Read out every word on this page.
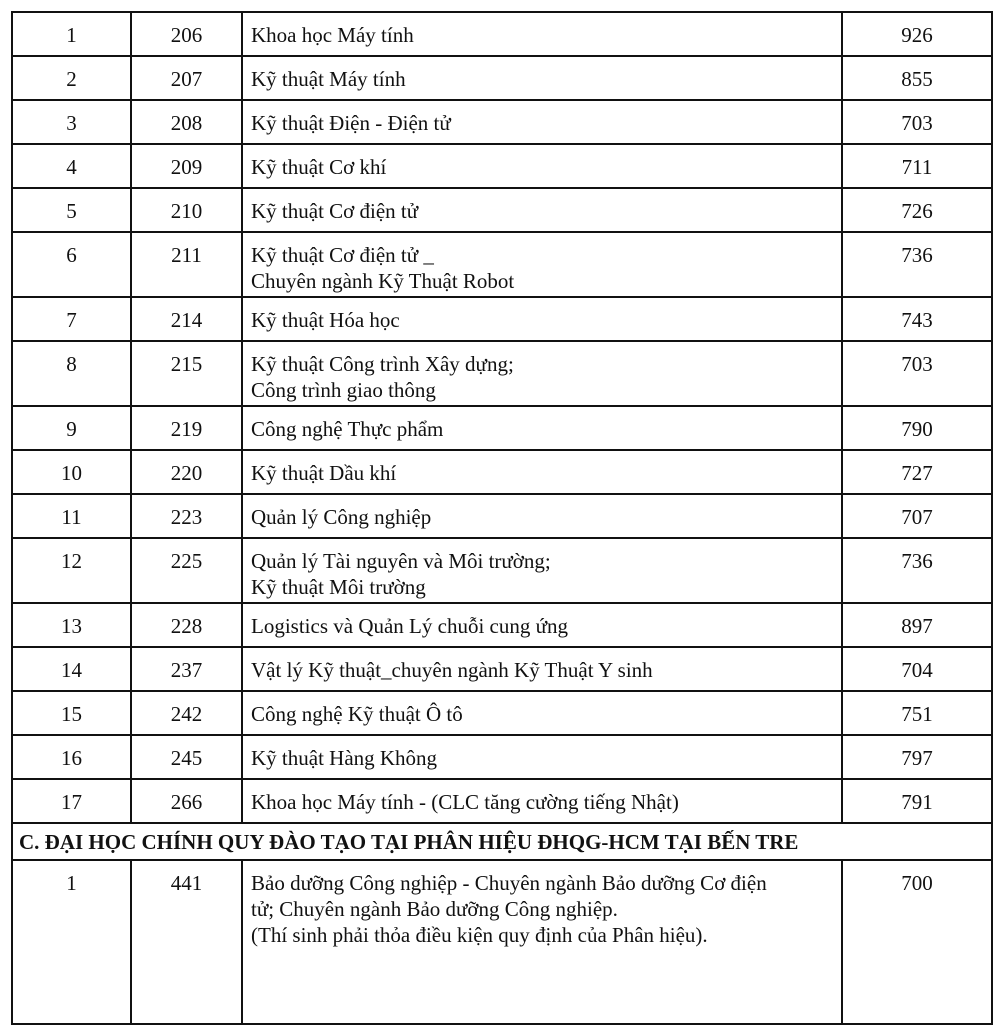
1	206	Khoa học Máy tính	926

2	207	Kỹ thuật Máy tính	855

3	208	Kỹ thuật Điện - Điện tử	703

4	209	Kỹ thuật Cơ khí	711

5	210	Kỹ thuật Cơ điện tử	726

6	211	Kỹ thuật Cơ điện tử _
Chuyên ngành Kỹ Thuật Robot	736

7	214	Kỹ thuật Hóa học	743

8	215	Kỹ thuật Công trình Xây dựng;
Công trình giao thông	703

9	219	Công nghệ Thực phẩm	790

10	220	Kỹ thuật Dầu khí	727

11	223	Quản lý Công nghiệp	707

12	225	Quản lý Tài nguyên và Môi trường;
Kỹ thuật Môi trường	736

13	228	Logistics và Quản Lý chuỗi cung ứng	897

14	237	Vật lý Kỹ thuật_chuyên ngành Kỹ Thuật Y sinh	704

15	242	Công nghệ Kỹ thuật Ô tô	751

16	245	Kỹ thuật Hàng Không	797

17	266	Khoa học Máy tính - (CLC tăng cường tiếng Nhật)	791

C. ĐẠI HỌC CHÍNH QUY ĐÀO TẠO TẠI PHÂN HIỆU ĐHQG-HCM TẠI BẾN TRE			

1	441	Bảo dưỡng Công nghiệp - Chuyên ngành Bảo dưỡng Cơ điện
tử; Chuyên ngành Bảo dưỡng Công nghiệp.
(Thí sinh phải thỏa điều kiện quy định của Phân hiệu).	700
